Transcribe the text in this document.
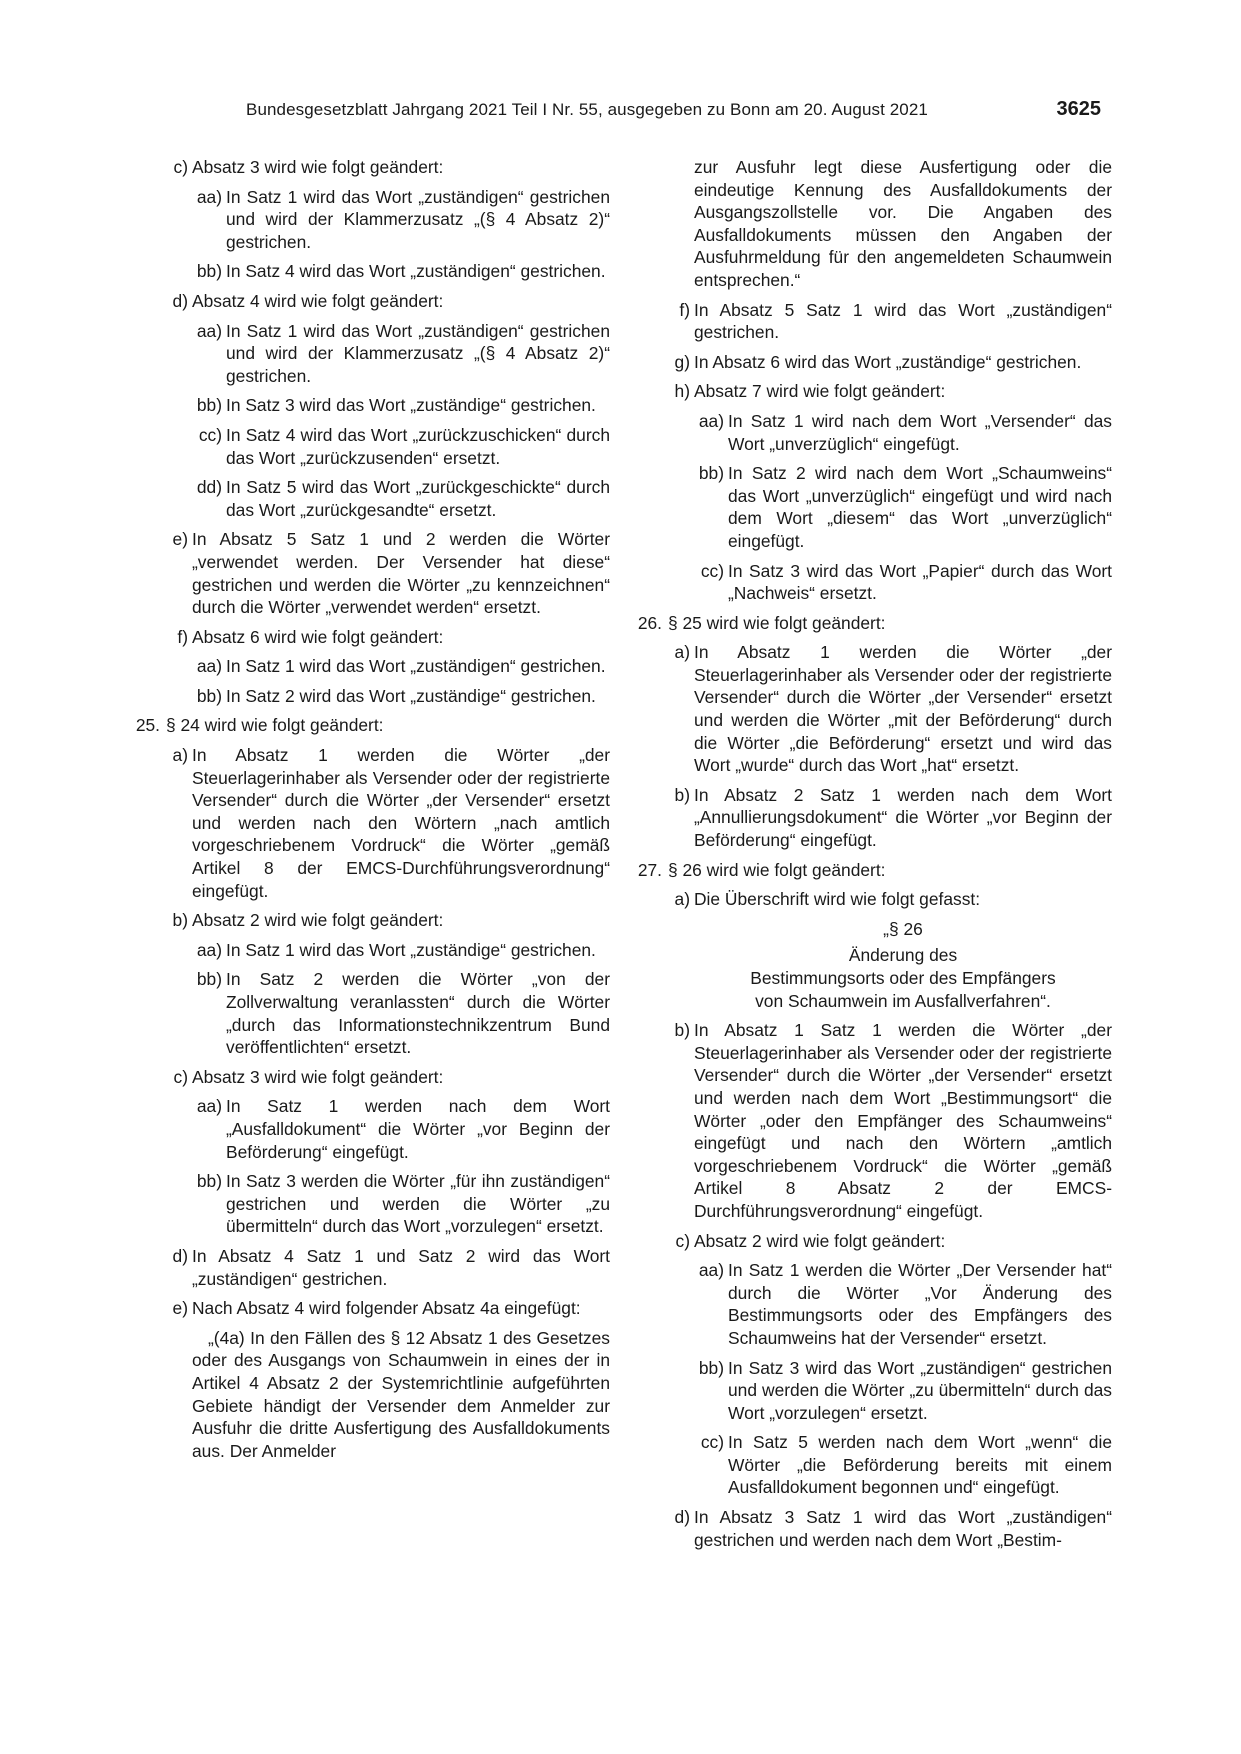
Bundesgesetzblatt Jahrgang 2021 Teil I Nr. 55, ausgegeben zu Bonn am 20. August 2021	3625
c) Absatz 3 wird wie folgt geändert:
aa) In Satz 1 wird das Wort „zuständigen“ gestrichen und wird der Klammerzusatz „(§ 4 Absatz 2)“ gestrichen.
bb) In Satz 4 wird das Wort „zuständigen“ gestrichen.
d) Absatz 4 wird wie folgt geändert:
aa) In Satz 1 wird das Wort „zuständigen“ gestrichen und wird der Klammerzusatz „(§ 4 Absatz 2)“ gestrichen.
bb) In Satz 3 wird das Wort „zuständige“ gestrichen.
cc) In Satz 4 wird das Wort „zurückzuschicken“ durch das Wort „zurückzusenden“ ersetzt.
dd) In Satz 5 wird das Wort „zurückgeschickte“ durch das Wort „zurückgesandte“ ersetzt.
e) In Absatz 5 Satz 1 und 2 werden die Wörter „verwendet werden. Der Versender hat diese“ gestrichen und werden die Wörter „zu kennzeichnen“ durch die Wörter „verwendet werden“ ersetzt.
f) Absatz 6 wird wie folgt geändert:
aa) In Satz 1 wird das Wort „zuständigen“ gestrichen.
bb) In Satz 2 wird das Wort „zuständige“ gestrichen.
25. § 24 wird wie folgt geändert:
a) In Absatz 1 werden die Wörter „der Steuerlagerinhaber als Versender oder der registrierte Versender“ durch die Wörter „der Versender“ ersetzt und werden nach den Wörtern „nach amtlich vorgeschriebenem Vordruck“ die Wörter „gemäß Artikel 8 der EMCS-Durchführungsverordnung“ eingefügt.
b) Absatz 2 wird wie folgt geändert:
aa) In Satz 1 wird das Wort „zuständige“ gestrichen.
bb) In Satz 2 werden die Wörter „von der Zollverwaltung veranlassten“ durch die Wörter „durch das Informationstechnikzentrum Bund veröffentlichten“ ersetzt.
c) Absatz 3 wird wie folgt geändert:
aa) In Satz 1 werden nach dem Wort „Ausfalldokument“ die Wörter „vor Beginn der Beförderung“ eingefügt.
bb) In Satz 3 werden die Wörter „für ihn zuständigen“ gestrichen und werden die Wörter „zu übermitteln“ durch das Wort „vorzulegen“ ersetzt.
d) In Absatz 4 Satz 1 und Satz 2 wird das Wort „zuständigen“ gestrichen.
e) Nach Absatz 4 wird folgender Absatz 4a eingefügt:
„(4a) In den Fällen des § 12 Absatz 1 des Gesetzes oder des Ausgangs von Schaumwein in eines der in Artikel 4 Absatz 2 der Systemrichtlinie aufgeführten Gebiete händigt der Versender dem Anmelder zur Ausfuhr die dritte Ausfertigung des Ausfalldokuments aus. Der Anmelder
zur Ausfuhr legt diese Ausfertigung oder die eindeutige Kennung des Ausfalldokuments der Ausgangszollstelle vor. Die Angaben des Ausfalldokuments müssen den Angaben der Ausfuhrmeldung für den angemeldeten Schaumwein entsprechen.“
f) In Absatz 5 Satz 1 wird das Wort „zuständigen“ gestrichen.
g) In Absatz 6 wird das Wort „zuständige“ gestrichen.
h) Absatz 7 wird wie folgt geändert:
aa) In Satz 1 wird nach dem Wort „Versender“ das Wort „unverzüglich“ eingefügt.
bb) In Satz 2 wird nach dem Wort „Schaumweins“ das Wort „unverzüglich“ eingefügt und wird nach dem Wort „diesem“ das Wort „unverzüglich“ eingefügt.
cc) In Satz 3 wird das Wort „Papier“ durch das Wort „Nachweis“ ersetzt.
26. § 25 wird wie folgt geändert:
a) In Absatz 1 werden die Wörter „der Steuerlagerinhaber als Versender oder der registrierte Versender“ durch die Wörter „der Versender“ ersetzt und werden die Wörter „mit der Beförderung“ durch die Wörter „die Beförderung“ ersetzt und wird das Wort „wurde“ durch das Wort „hat“ ersetzt.
b) In Absatz 2 Satz 1 werden nach dem Wort „Annullierungsdokument“ die Wörter „vor Beginn der Beförderung“ eingefügt.
27. § 26 wird wie folgt geändert:
a) Die Überschrift wird wie folgt gefasst:
„§ 26
Änderung des
Bestimmungsorts oder des Empfängers
von Schaumwein im Ausfallverfahren“.
b) In Absatz 1 Satz 1 werden die Wörter „der Steuerlagerinhaber als Versender oder der registrierte Versender“ durch die Wörter „der Versender“ ersetzt und werden nach dem Wort „Bestimmungsort“ die Wörter „oder den Empfänger des Schaumweins“ eingefügt und nach den Wörtern „amtlich vorgeschriebenem Vordruck“ die Wörter „gemäß Artikel 8 Absatz 2 der EMCS-Durchführungsverordnung“ eingefügt.
c) Absatz 2 wird wie folgt geändert:
aa) In Satz 1 werden die Wörter „Der Versender hat“ durch die Wörter „Vor Änderung des Bestimmungsorts oder des Empfängers des Schaumweins hat der Versender“ ersetzt.
bb) In Satz 3 wird das Wort „zuständigen“ gestrichen und werden die Wörter „zu übermitteln“ durch das Wort „vorzulegen“ ersetzt.
cc) In Satz 5 werden nach dem Wort „wenn“ die Wörter „die Beförderung bereits mit einem Ausfalldokument begonnen und“ eingefügt.
d) In Absatz 3 Satz 1 wird das Wort „zuständigen“ gestrichen und werden nach dem Wort „Bestim-
